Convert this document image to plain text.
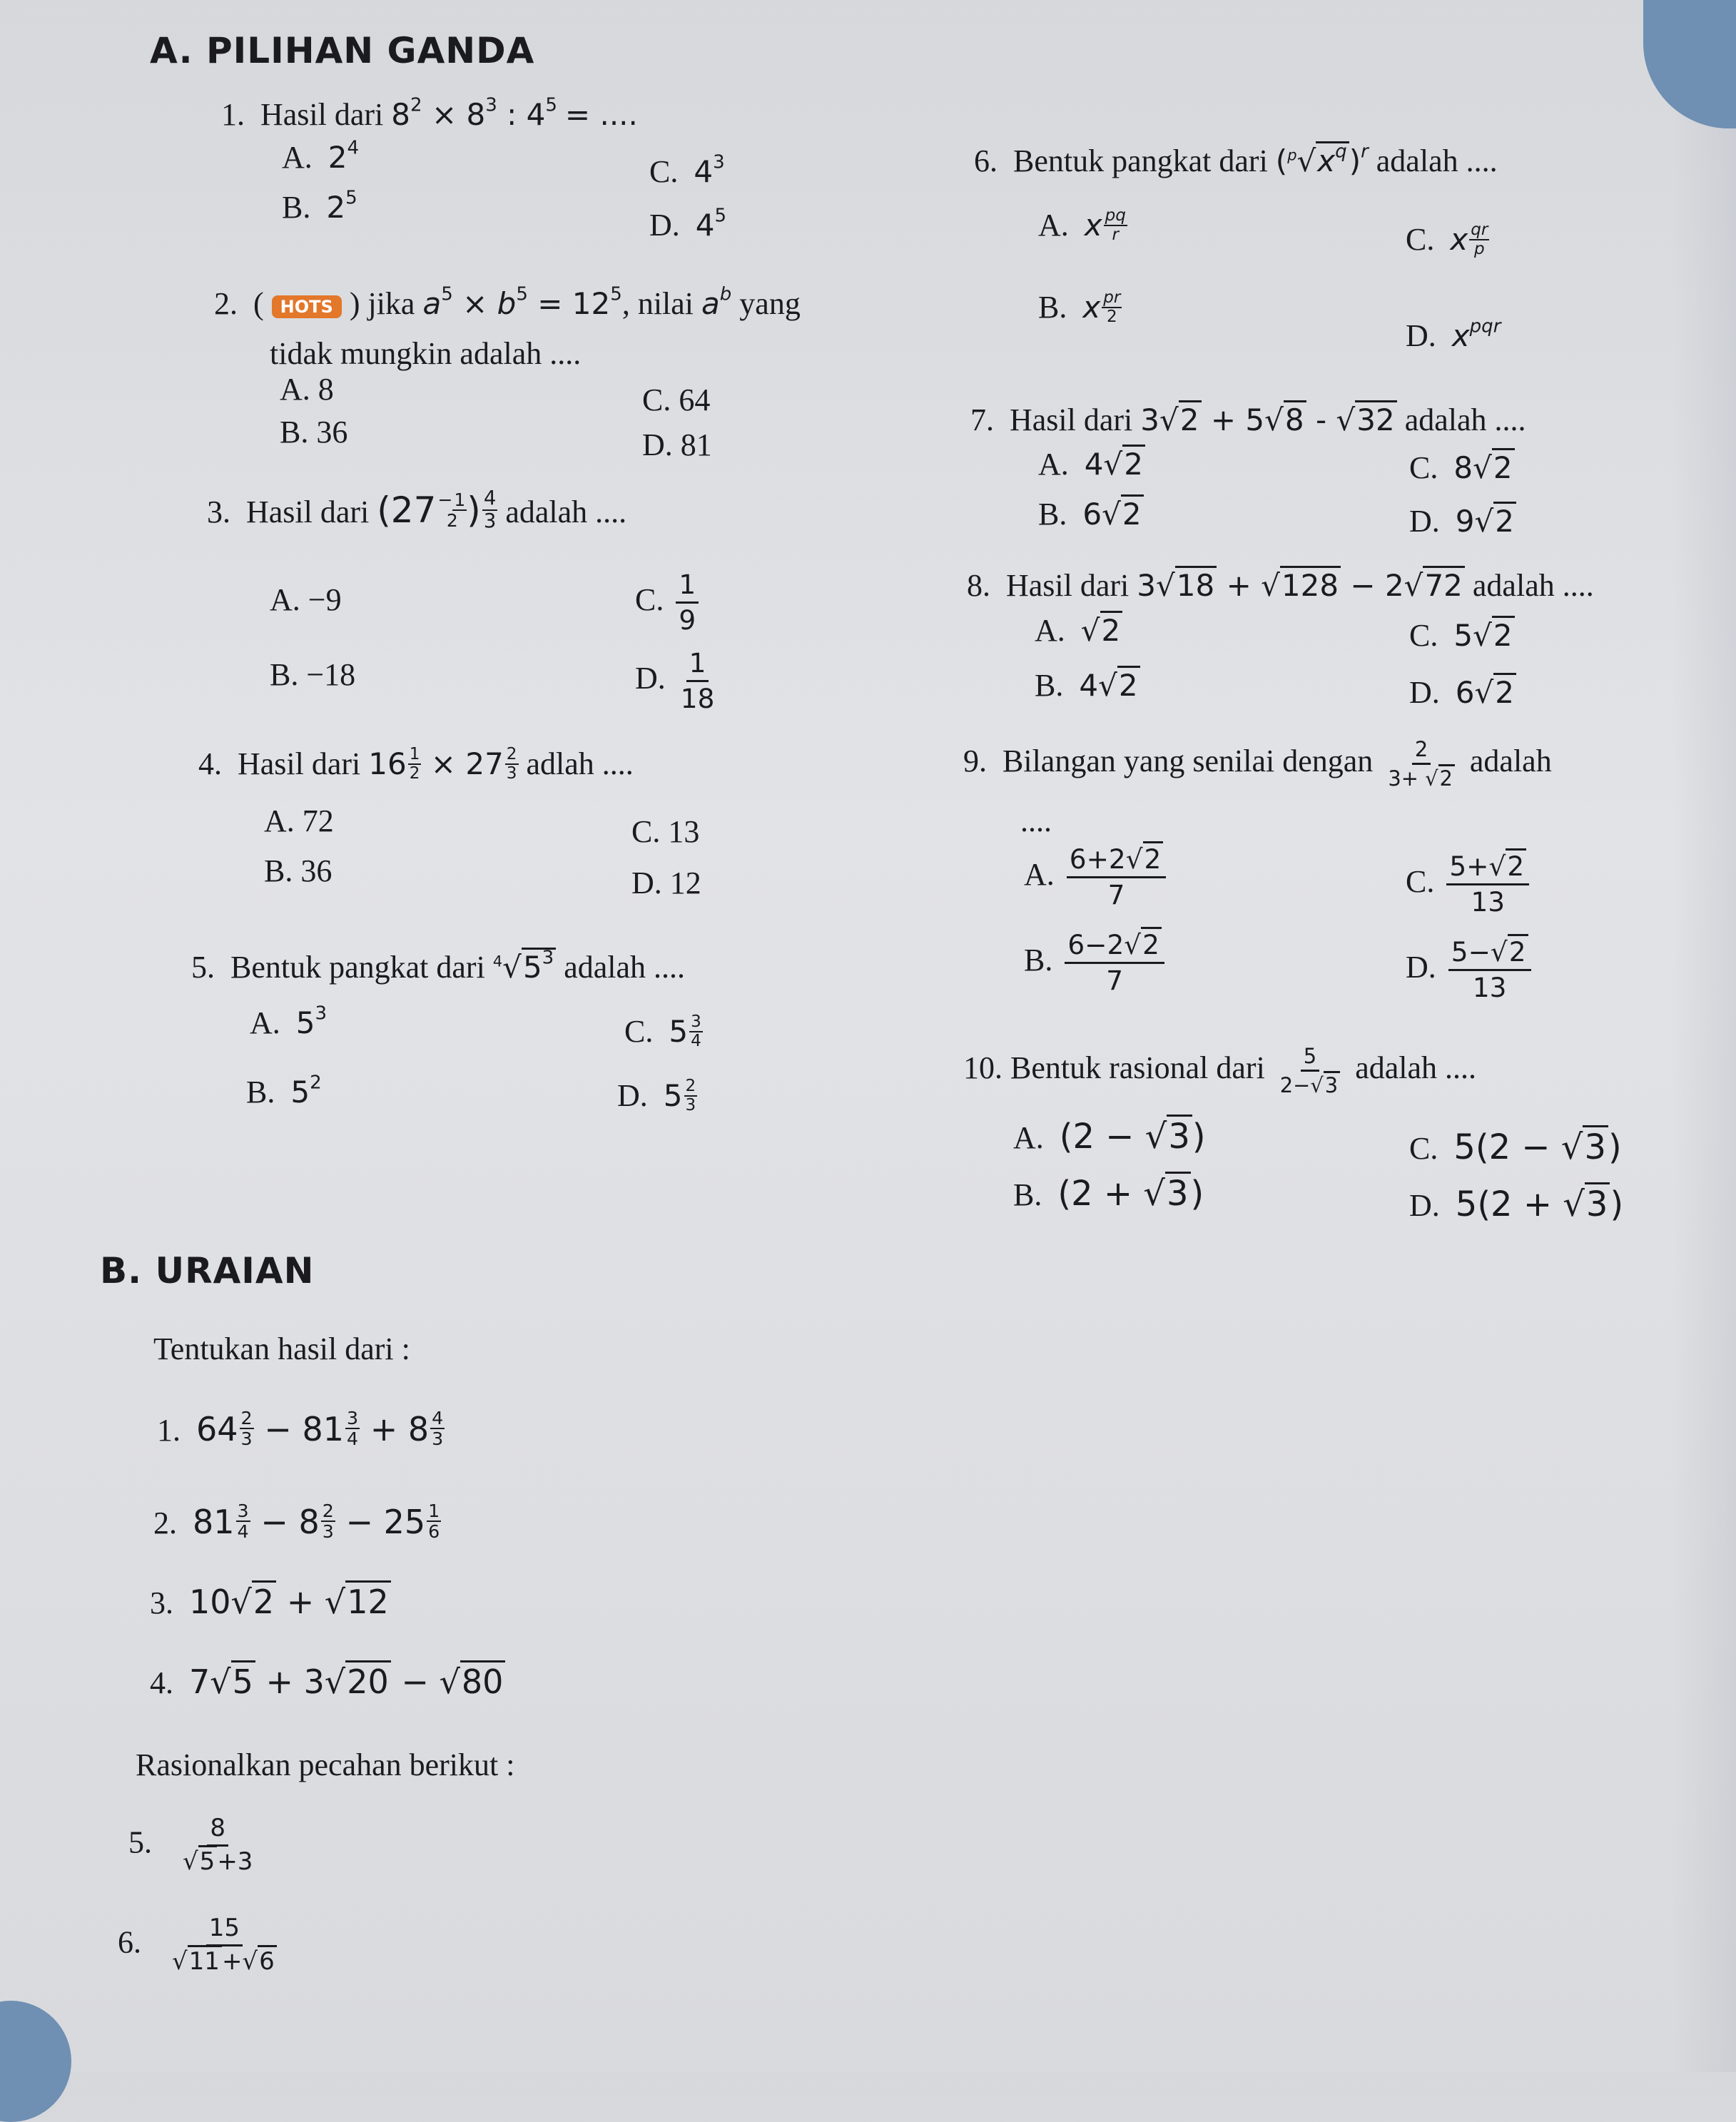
A. PILIHAN GANDA
1. Hasil dari $8^2 \times 8^3$ : $4^5$ = ....
A. $2^4$
B. $2^5$
C. $4^3$
D. $4^5$
2.  ( HOTS ) jika $a^5 \times b^5 = 12^5$, nilai $a^b$ yang
tidak mungkin adalah ....
A. 8
B. 36
C. 64
D. 81
3. Hasil dari (27 −1
2 ) $\frac{4}{3}$ adalah ....
A. −9
B. −18
C. $\frac{1}{9}$
D. $\frac{1}{18}$
4. Hasil dari $16 \frac{1}{2} \times 27 \frac{2}{3}$ adlah ....
A. 72
B. 36
C. 13
D. 12
5. Bentuk pangkat dari $^4√5^3$ adalah ....
A. $5^3$
B. $5^2$
C. $5 \frac{3}{4}$
D. $5 \frac{2}{3}$
6. Bentuk pangkat dari $(^p√x^q)^r$ adalah ....
A. x $\frac{pq}{r}$
B. x $\frac{pr}{2}$
C. x $\frac{qr}{p}$
D. $x^{pqr}$
7. Hasil dari 3√2 + 5√8 - √32 adalah ....
A. 4√2
B. 6√2
C. 8√2
D. 9√2
8. Hasil dari 3√18 + √128 − 2√72 adalah ....
A. √2
B. 4√2
C. 5√2
D. 6√2
9. Bilangan yang senilai dengan $\frac{2}{3+ √2}$ adalah
....
A. $\frac{6+2√2}{7}$
B. $\frac{6-2√2}{7}$
C. $\frac{5+√2}{13}$
D. $\frac{5-√2}{13}$
10. Bentuk rasional dari $\frac{5}{2-√3}$ adalah ....
A. (2 − √3)
B. (2 + √3)
C. 5(2 − √3)
D. 5(2 + √3)
B. URAIAN
Tentukan hasil dari :
1. $64 \frac{2}{3} - 81 \frac{3}{4} + 8 \frac{4}{3}$
2. $81 \frac{3}{4} - 8 \frac{2}{3} - 25 \frac{1}{6}$
3. 10√2 + √12
4. 7√5 + 3√20 − √80
Rasionalkan pecahan berikut :
5. $\frac{8}{√5+3}$
6. $\frac{15}{√11+√6}$
